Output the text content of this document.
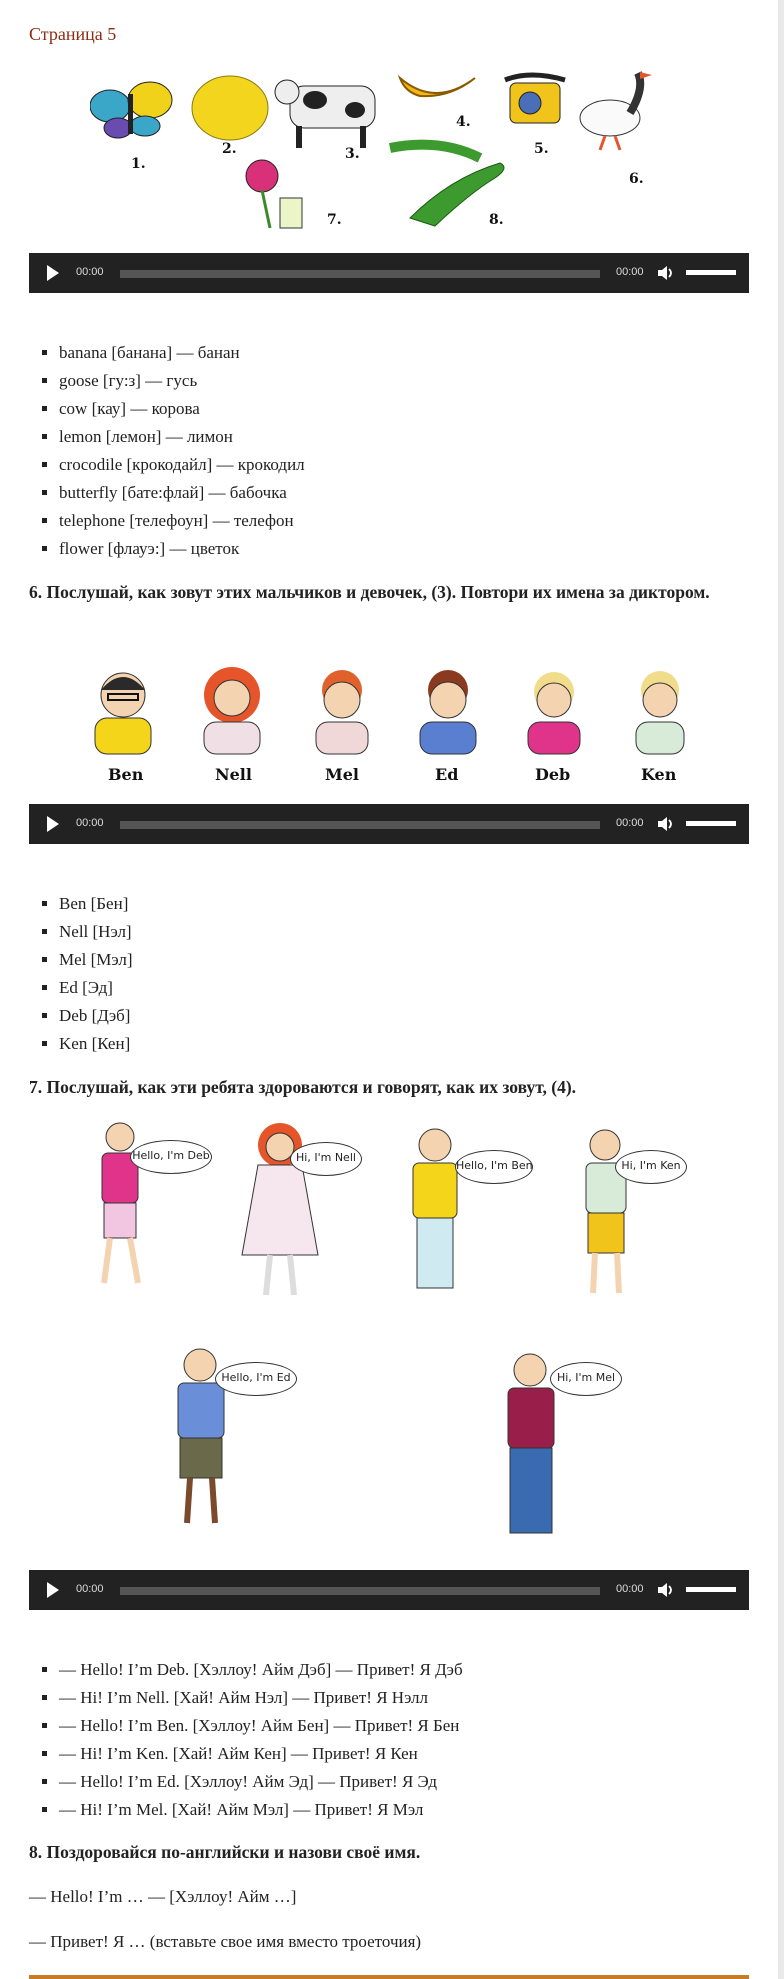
Страница 5
1.
2.	3.
4.
5.
6.
7.	8.
00:00	00:00
▪ banana [банана] — банан
▪ goose [гу:з] — гусь
▪ cow [кау] — корова
▪ lemon [лемон] — лимон
▪ crocodile [крокодайл] — крокодил
▪ butterfly [бате:флай] — бабочка
▪ telephone [телефоун] — телефон
▪ flower [флауэ:] — цветок
6. Послушай, как зовут этих мальчиков и девочек, (3). Повтори их имена за диктором.
Ben	Nell	Mel	Ed	Deb	Ken
00:00	00:00
▪ Ben [Бен]
▪ Nell [Нэл]
▪ Mel [Мэл]
▪ Ed [Эд]
▪ Deb [Дэб]
▪ Ken [Кен]
7. Послушай, как эти ребята здороваются и говорят, как их зовут, (4).
Hello, I'm Deb	Hi, I'm Nell
Hello, I'm Ben	Hi, I'm Ken
Hello, I'm Ed	Hi, I'm Mel
00:00	00:00
▪ — Hello! I’m Deb. [Хэллоу! Айм Дэб] — Привет! Я Дэб
▪ — Hi! I’m Nell. [Хай! Айм Нэл] — Привет! Я Нэлл
▪ — Hello! I’m Ben. [Хэллоу! Айм Бен] — Привет! Я Бен
▪ — Hi! I’m Ken. [Хай! Айм Кен] — Привет! Я Кен
▪ — Hello! I’m Ed. [Хэллоу! Айм Эд] — Привет! Я Эд
▪ — Hi! I’m Mel. [Хай! Айм Мэл] — Привет! Я Мэл
8. Поздоровайся по-английски и назови своё имя.
— Hello! I’m … — [Хэллоу! Айм …]
— Привет! Я … (вставьте свое имя вместо троеточия)
